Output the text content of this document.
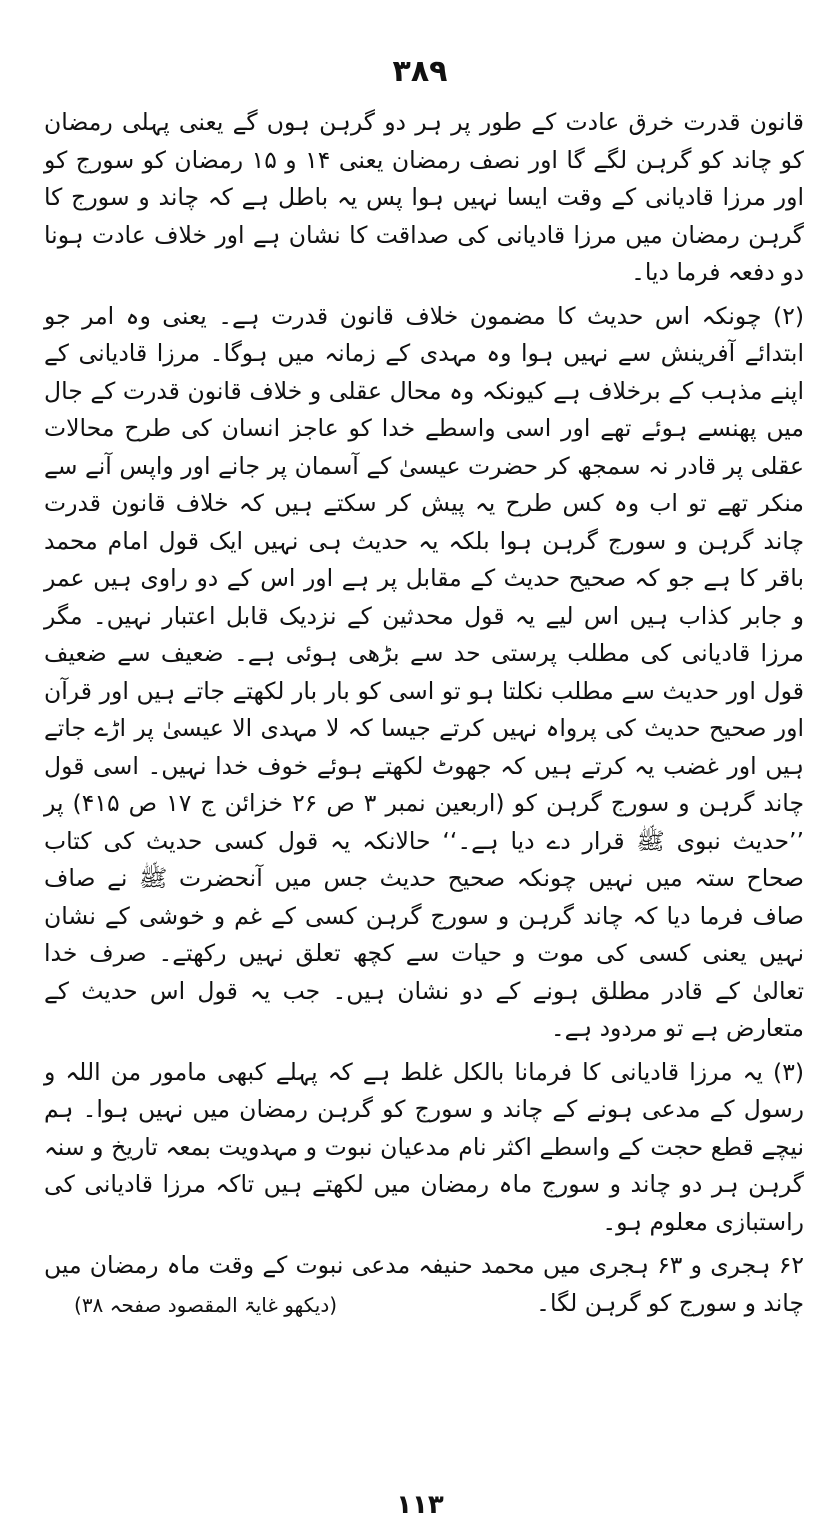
۳۸۹

قانون قدرت خرق عادت کے طور پر ہر دو گرہن ہوں گے یعنی پہلی رمضان کو چاند کو گرہن لگے گا اور نصف رمضان یعنی ۱۴ و ۱۵ رمضان کو سورج کو اور مرزا قادیانی کے وقت ایسا نہیں ہوا پس یہ باطل ہے کہ چاند و سورج کا گرہن رمضان میں مرزا قادیانی کی صداقت کا نشان ہے اور خلاف عادت ہونا دو دفعہ فرما دیا۔

(۲) چونکہ اس حدیث کا مضمون خلاف قانون قدرت ہے۔ یعنی وہ امر جو ابتدائے آفرینش سے نہیں ہوا وہ مہدی کے زمانہ میں ہوگا۔ مرزا قادیانی کے اپنے مذہب کے برخلاف ہے کیونکہ وہ محال عقلی و خلاف قانون قدرت کے جال میں پھنسے ہوئے تھے اور اسی واسطے خدا کو عاجز انسان کی طرح محالات عقلی پر قادر نہ سمجھ کر حضرت عیسیٰ کے آسمان پر جانے اور واپس آنے سے منکر تھے تو اب وہ کس طرح یہ پیش کر سکتے ہیں کہ خلاف قانون قدرت چاند گرہن و سورج گرہن ہوا بلکہ یہ حدیث ہی نہیں ایک قول امام محمد باقر کا ہے جو کہ صحیح حدیث کے مقابل پر ہے اور اس کے دو راوی ہیں عمر و جابر کذاب ہیں اس لیے یہ قول محدثین کے نزدیک قابل اعتبار نہیں۔ مگر مرزا قادیانی کی مطلب پرستی حد سے بڑھی ہوئی ہے۔ ضعیف سے ضعیف قول اور حدیث سے مطلب نکلتا ہو تو اسی کو بار بار لکھتے جاتے ہیں اور قرآن اور صحیح حدیث کی پرواہ نہیں کرتے جیسا کہ لا مہدی الا عیسیٰ پر اڑے جاتے ہیں اور غضب یہ کرتے ہیں کہ جھوٹ لکھتے ہوئے خوف خدا نہیں۔ اسی قول چاند گرہن و سورج گرہن کو (اربعین نمبر ۳ ص ۲۶ خزائن ج ۱۷ ص ۴۱۵) پر ’’حدیث نبوی ﷺ قرار دے دیا ہے۔‘‘ حالانکہ یہ قول کسی حدیث کی کتاب صحاح ستہ میں نہیں چونکہ صحیح حدیث جس میں آنحضرت ﷺ نے صاف صاف فرما دیا کہ چاند گرہن و سورج گرہن کسی کے غم و خوشی کے نشان نہیں یعنی کسی کی موت و حیات سے کچھ تعلق نہیں رکھتے۔ صرف خدا تعالیٰ کے قادر مطلق ہونے کے دو نشان ہیں۔ جب یہ قول اس حدیث کے متعارض ہے تو مردود ہے۔

(۳) یہ مرزا قادیانی کا فرمانا بالکل غلط ہے کہ پہلے کبھی مامور من اللہ و رسول کے مدعی ہونے کے چاند و سورج کو گرہن رمضان میں نہیں ہوا۔ ہم نیچے قطع حجت کے واسطے اکثر نام مدعیان نبوت و مہدویت بمعہ تاریخ و سنہ گرہن ہر دو چاند و سورج ماہ رمضان میں لکھتے ہیں تاکہ مرزا قادیانی کی راستبازی معلوم ہو۔

۶۲ ہجری و ۶۳ ہجری میں محمد حنیفہ مدعی نبوت کے وقت ماہ رمضان میں چاند و سورج کو گرہن لگا۔
(دیکھو غایۃ المقصود صفحہ ۳۸)
۱۱۳
